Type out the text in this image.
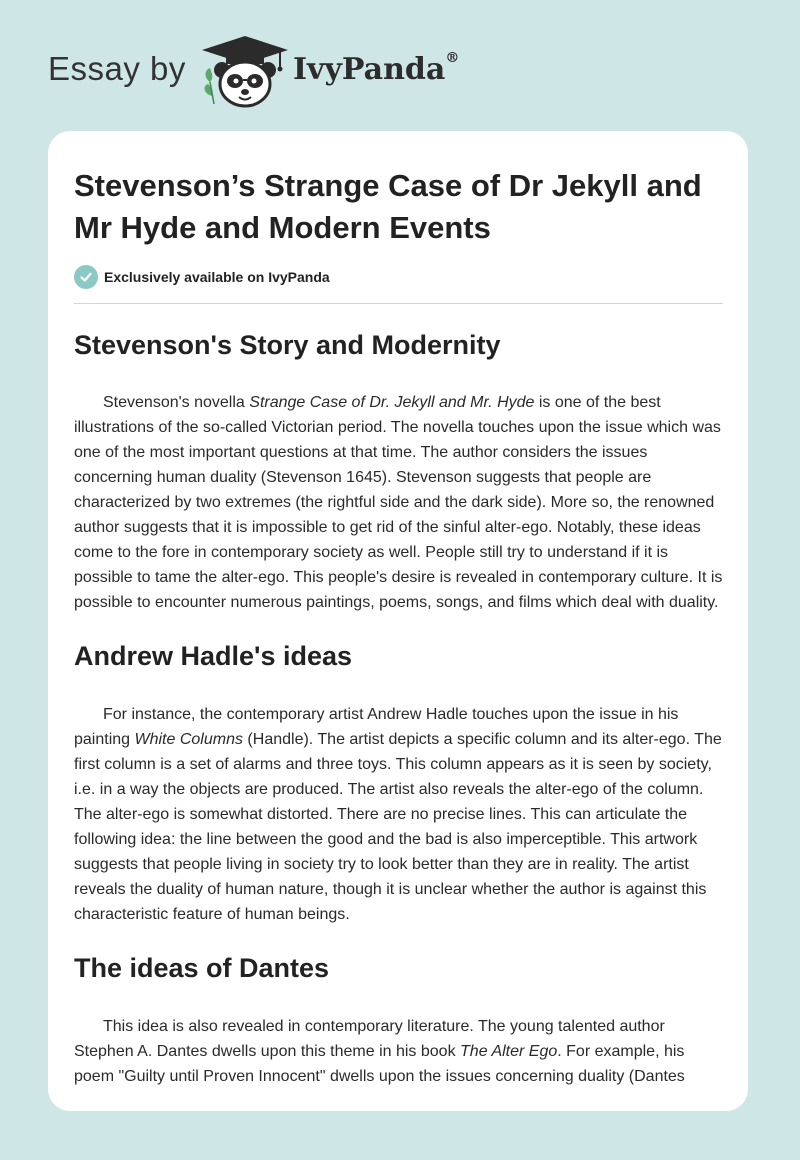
Essay by	IvyPanda®
Stevenson’s Strange Case of Dr Jekyll and Mr Hyde and Modern Events
Exclusively available on IvyPanda
Stevenson's Story and Modernity

Stevenson's novella Strange Case of Dr. Jekyll and Mr. Hyde is one of the best illustrations of the so-called Victorian period. The novella touches upon the issue which was one of the most important questions at that time. The author considers the issues concerning human duality (Stevenson 1645). Stevenson suggests that people are characterized by two extremes (the rightful side and the dark side). More so, the renowned author suggests that it is impossible to get rid of the sinful alter-ego. Notably, these ideas come to the fore in contemporary society as well. People still try to understand if it is possible to tame the alter-ego. This people's desire is revealed in contemporary culture. It is possible to encounter numerous paintings, poems, songs, and films which deal with duality.

Andrew Hadle's ideas

For instance, the contemporary artist Andrew Hadle touches upon the issue in his painting White Columns (Handle). The artist depicts a specific column and its alter-ego. The first column is a set of alarms and three toys. This column appears as it is seen by society, i.e. in a way the objects are produced. The artist also reveals the alter-ego of the column. The alter-ego is somewhat distorted. There are no precise lines. This can articulate the following idea: the line between the good and the bad is also imperceptible. This artwork suggests that people living in society try to look better than they are in reality. The artist reveals the duality of human nature, though it is unclear whether the author is against this characteristic feature of human beings.

The ideas of Dantes

This idea is also revealed in contemporary literature. The young talented author Stephen A. Dantes dwells upon this theme in his book The Alter Ego. For example, his poem "Guilty until Proven Innocent" dwells upon the issues concerning duality (Dantes
